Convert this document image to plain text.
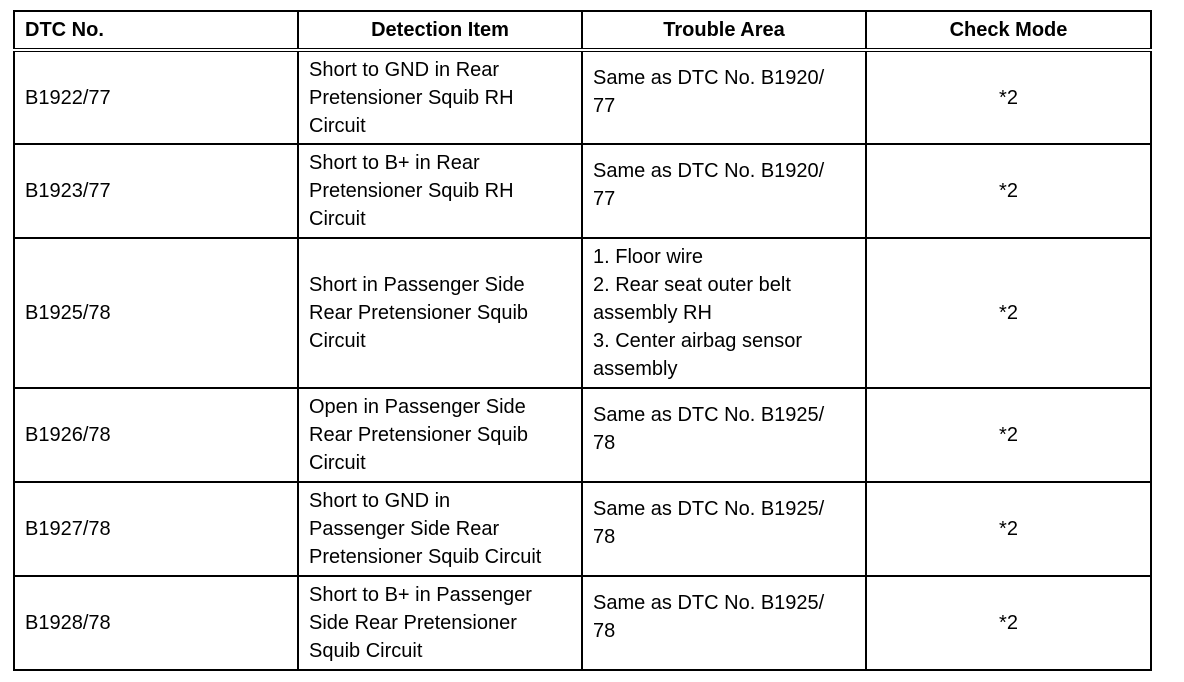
DTC No.	Detection Item	Trouble Area	Check Mode
B1922/77	Short to GND in Rear
Pretensioner Squib RH
Circuit	Same as DTC No. B1920/
77	*2
B1923/77	Short to B+ in Rear
Pretensioner Squib RH
Circuit	Same as DTC No. B1920/
77	*2
B1925/78	Short in Passenger Side
Rear Pretensioner Squib
Circuit	1. Floor wire
2. Rear seat outer belt
assembly RH
3. Center airbag sensor
assembly	*2
B1926/78	Open in Passenger Side
Rear Pretensioner Squib
Circuit	Same as DTC No. B1925/
78	*2
B1927/78	Short to GND in
Passenger Side Rear
Pretensioner Squib Circuit	Same as DTC No. B1925/
78	*2
B1928/78	Short to B+ in Passenger
Side Rear Pretensioner
Squib Circuit	Same as DTC No. B1925/
78	*2
